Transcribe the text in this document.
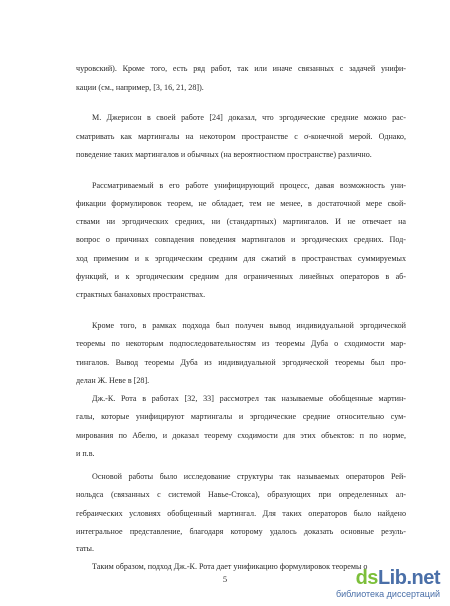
чуровский). Кроме того, есть ряд работ, так или иначе связанных с задачей унифи-
кации (см., например, [3, 16, 21, 28]).
М. Джерисон в своей работе [24] доказал, что эргодические средние можно рас-
сматривать как мартингалы на некотором пространстве с σ-конечной мерой. Однако,
поведение таких мартингалов и обычных (на вероятностном пространстве) различно.
Рассматриваемый в его работе унифицирующий процесс, давая возможность уни-
фикации формулировок теорем, не обладает, тем не менее, в достаточной мере свой-
ствами ни эргодических средних, ни (стандартных) мартингалов. И не отвечает на
вопрос о причинах совпадения поведения мартингалов и эргодических средних. Под-
ход применим и к эргодическим средним для сжатий в пространствах суммируемых
функций, и к эргодическим средним для ограниченных линейных операторов в аб-
страктных банаховых пространствах.
Кроме того, в рамках подхода был получен вывод индивидуальной эргодической
теоремы по некоторым подпоследовательностям из теоремы Дуба о сходимости мар-
тингалов. Вывод теоремы Дуба из индивидуальной эргодической теоремы был про-
делан Ж. Неве в [28].
Дж.-К. Рота в работах [32, 33] рассмотрел так называемые обобщенные мартин-
галы, которые унифицируют мартингалы и эргодические средние относительно сум-
мирования по Абелю, и доказал теорему сходимости для этих объектов: п по норме,
и п.в.
Основой работы было исследование структуры так называемых операторов Рей-
нольдса (связанных с системой Навье-Стокса), образующих при определенных ал-
гебраических условиях обобщенный мартингал. Для таких операторов было найдено
интегральное представление, благодаря которому удалось доказать основные резуль-
таты.
Таким образом, подход Дж.-К. Рота дает унификацию формулировок теоремы о
5	dsLib.net
библиотека диссертаций
